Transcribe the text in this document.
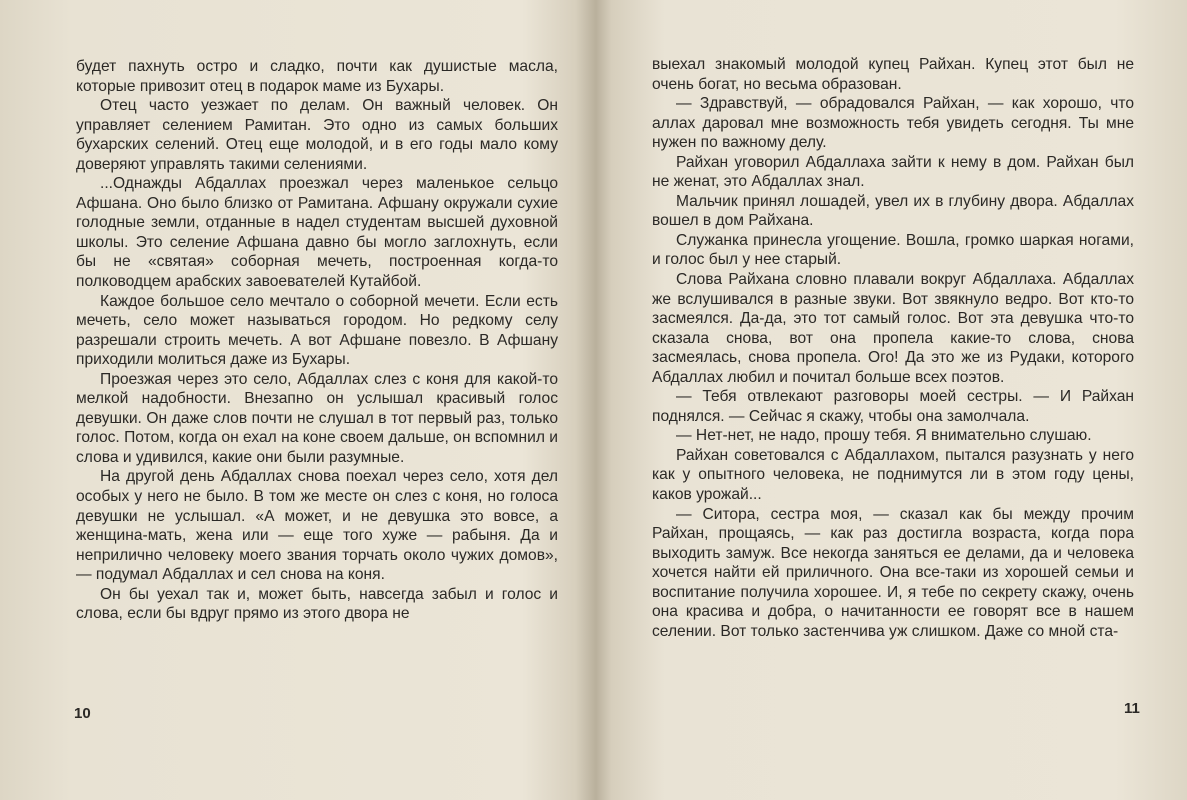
будет пахнуть остро и сладко, почти как душистые масла, которые привозит отец в подарок маме из Бухары.

Отец часто уезжает по делам. Он важный человек. Он управляет селением Рамитан. Это одно из самых больших бухарских селений. Отец еще молодой, и в его годы мало кому доверяют управлять такими селениями.

...Однажды Абдаллах проезжал через маленькое сельцо Афшана. Оно было близко от Рамитана. Афшану окружали сухие голодные земли, отданные в надел студентам высшей духовной школы. Это селение Афшана давно бы могло заглохнуть, если бы не «святая» соборная мечеть, построенная когда-то полководцем арабских завоевателей Кутайбой.

Каждое большое село мечтало о соборной мечети. Если есть мечеть, село может называться городом. Но редкому селу разрешали строить мечеть. А вот Афшане повезло. В Афшану приходили молиться даже из Бухары.

Проезжая через это село, Абдаллах слез с коня для какой-то мелкой надобности. Внезапно он услышал красивый голос девушки. Он даже слов почти не слушал в тот первый раз, только голос. Потом, когда он ехал на коне своем дальше, он вспомнил и слова и удивился, какие они были разумные.

На другой день Абдаллах снова поехал через село, хотя дел особых у него не было. В том же месте он слез с коня, но голоса девушки не услышал. «А может, и не девушка это вовсе, а женщина-мать, жена или — еще того хуже — рабыня. Да и неприлично человеку моего звания торчать около чужих домов», — подумал Абдаллах и сел снова на коня.

Он бы уехал так и, может быть, навсегда забыл и голос и слова, если бы вдруг прямо из этого двора не

10

выехал знакомый молодой купец Райхан. Купец этот был не очень богат, но весьма образован.

— Здравствуй, — обрадовался Райхан, — как хорошо, что аллах даровал мне возможность тебя увидеть сегодня. Ты мне нужен по важному делу.

Райхан уговорил Абдаллаха зайти к нему в дом. Райхан был не женат, это Абдаллах знал.

Мальчик принял лошадей, увел их в глубину двора. Абдаллах вошел в дом Райхана.

Служанка принесла угощение. Вошла, громко шаркая ногами, и голос был у нее старый.

Слова Райхана словно плавали вокруг Абдаллаха. Абдаллах же вслушивался в разные звуки. Вот звякнуло ведро. Вот кто-то засмеялся. Да-да, это тот самый голос. Вот эта девушка что-то сказала снова, вот она пропела какие-то слова, снова засмеялась, снова пропела. Ого! Да это же из Рудаки, которого Абдаллах любил и почитал больше всех поэтов.

— Тебя отвлекают разговоры моей сестры. — И Райхан поднялся. — Сейчас я скажу, чтобы она замолчала.

— Нет-нет, не надо, прошу тебя. Я внимательно слушаю.

Райхан советовался с Абдаллахом, пытался разузнать у него как у опытного человека, не поднимутся ли в этом году цены, каков урожай...

— Ситора, сестра моя, — сказал как бы между прочим Райхан, прощаясь, — как раз достигла возраста, когда пора выходить замуж. Все некогда заняться ее делами, да и человека хочется найти ей приличного. Она все-таки из хорошей семьи и воспитание получила хорошее. И, я тебе по секрету скажу, очень она красива и добра, о начитанности ее говорят все в нашем селении. Вот только застенчива уж слишком. Даже со мной ста-

11
